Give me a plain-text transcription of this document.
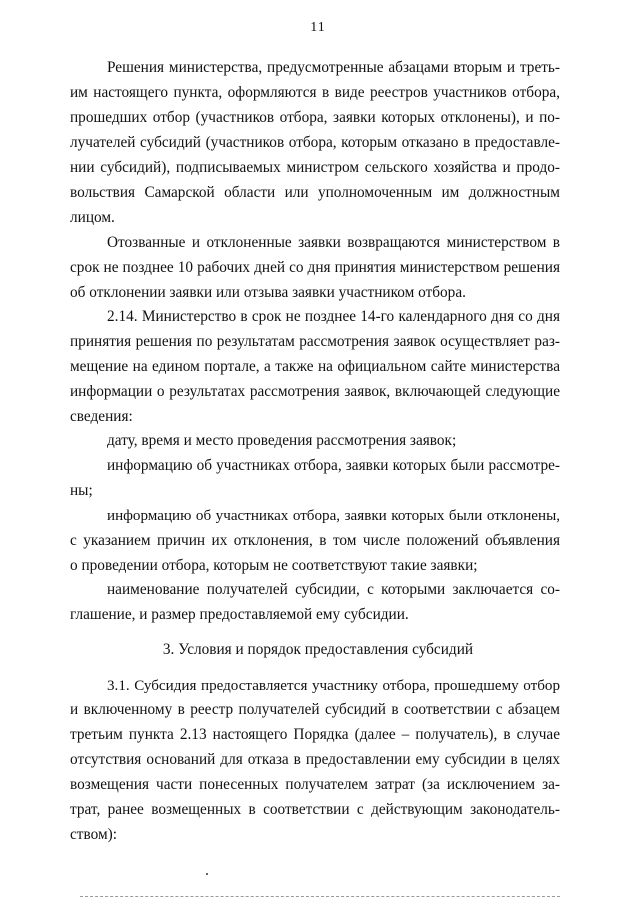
11
Решения министерства, предусмотренные абзацами вторым и треть-
им настоящего пункта, оформляются в виде реестров участников отбора,
прошедших отбор (участников отбора, заявки которых отклонены), и по-
лучателей субсидий (участников отбора, которым отказано в предоставле-
нии субсидий), подписываемых министром сельского хозяйства и продо-
вольствия Самарской области или уполномоченным им должностным
лицом.
Отозванные и отклоненные заявки возвращаются министерством в
срок не позднее 10 рабочих дней со дня принятия министерством решения
об отклонении заявки или отзыва заявки участником отбора.
2.14. Министерство в срок не позднее 14-го календарного дня со дня
принятия решения по результатам рассмотрения заявок осуществляет раз-
мещение на едином портале, а также на официальном сайте министерства
информации о результатах рассмотрения заявок, включающей следующие
сведения:
дату, время и место проведения рассмотрения заявок;
информацию об участниках отбора, заявки которых были рассмотре-
ны;
информацию об участниках отбора, заявки которых были отклонены,
с указанием причин их отклонения, в том числе положений объявления
о проведении отбора, которым не соответствуют такие заявки;
наименование получателей субсидии, с которыми заключается со-
глашение, и размер предоставляемой ему субсидии.
3. Условия и порядок предоставления субсидий
3.1. Субсидия предоставляется участнику отбора, прошедшему отбор
и включенному в реестр получателей субсидий в соответствии с абзацем
третьим пункта 2.13 настоящего Порядка (далее – получатель), в случае
отсутствия оснований для отказа в предоставлении ему субсидии в целях
возмещения части понесенных получателем затрат (за исключением за-
трат, ранее возмещенных в соответствии с действующим законодатель-
ством):
